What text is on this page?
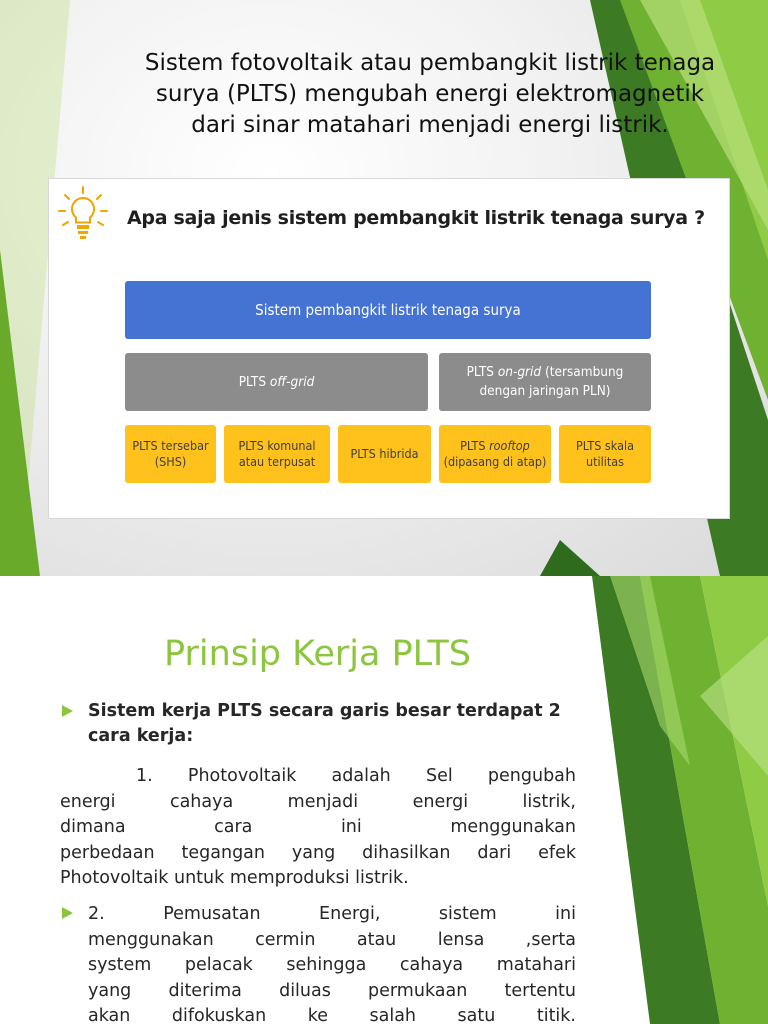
Sistem fotovoltaik atau pembangkit listrik tenaga
surya (PLTS) mengubah energi elektromagnetik
dari sinar matahari menjadi energi listrik.
Apa saja jenis sistem pembangkit listrik tenaga surya ?
Sistem pembangkit listrik tenaga surya
PLTS off-grid
PLTS on-grid (tersambung dengan jaringan PLN)
PLTS tersebar (SHS)
PLTS komunal atau terpusat
PLTS hibrida
PLTS rooftop (dipasang di atap)
PLTS skala utilitas
Prinsip Kerja PLTS
Sistem kerja PLTS secara garis besar terdapat 2 cara kerja:
1. Photovoltaik adalah Sel pengubah
energi cahaya menjadi energi listrik,
dimana cara ini menggunakan
perbedaan tegangan yang dihasilkan dari efek
Photovoltaik untuk memproduksi listrik.
2. Pemusatan Energi, sistem ini
menggunakan cermin atau lensa ,serta
system pelacak sehingga cahaya matahari
yang diterima diluas permukaan tertentu
akan difokuskan ke salah satu titik.
